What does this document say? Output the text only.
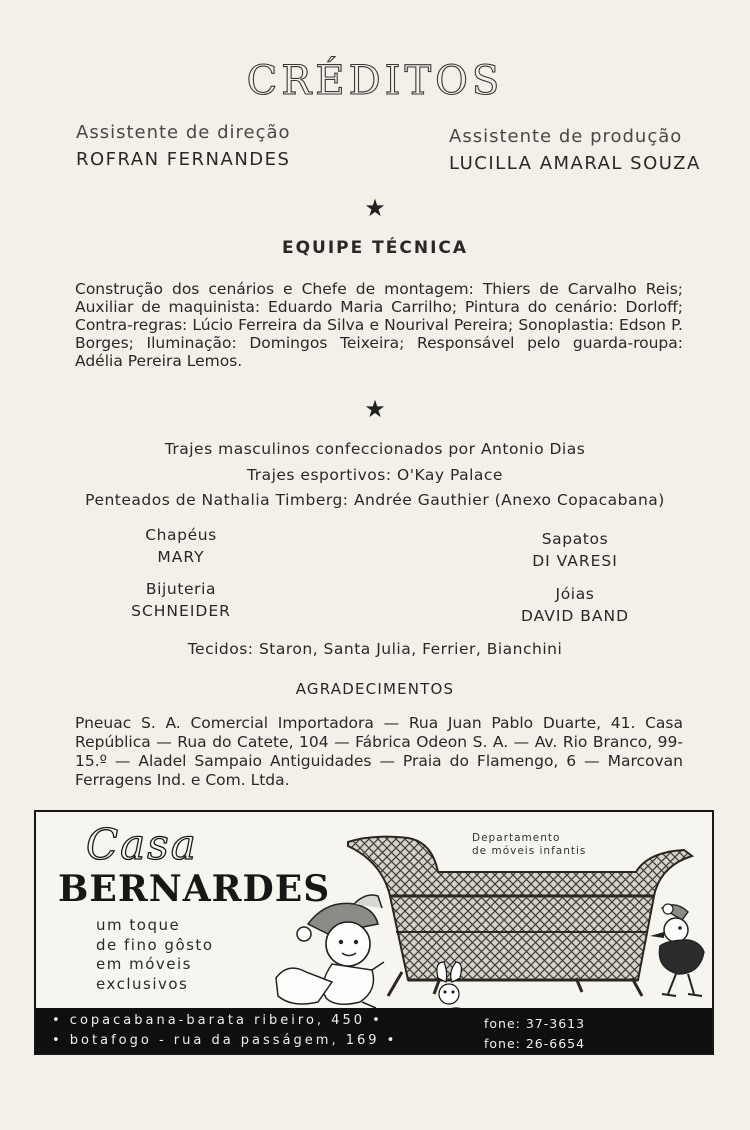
CRÉDITOS
Assistente de direção
ROFRAN FERNANDES
Assistente de produção
LUCILLA AMARAL SOUZA
★
EQUIPE TÉCNICA

Construção dos cenários e Chefe de montagem: Thiers de Carvalho Reis; Auxiliar de maquinista: Eduardo Maria Carrilho; Pintura do cenário: Dorloff; Contra-regras: Lúcio Ferreira da Silva e Nourival Pereira; Sonoplastia: Edson P. Borges; Iluminação: Domingos Teixeira; Responsável pelo guarda-roupa: Adélia Pereira Lemos.

★
Trajes masculinos confeccionados por Antonio Dias
Trajes esportivos: O'Kay Palace
Penteados de Nathalia Timberg: Andrée Gauthier (Anexo Copacabana)
Chapéus
MARY
Sapatos
DI VARESI
Bijuteria
SCHNEIDER
Jóias
DAVID BAND
Tecidos: Staron, Santa Julia, Ferrier, Bianchini
AGRADECIMENTOS

Pneuac S. A. Comercial Importadora — Rua Juan Pablo Duarte, 41. Casa República — Rua do Catete, 104 — Fábrica Odeon S. A. — Av. Rio Branco, 99-15.º — Aladel Sampaio Antiguidades — Praia do Flamengo, 6 — Marcovan Ferragens Ind. e Com. Ltda.

Casa
BERNARDES
um toque
de fino gôsto
em móveis
exclusivos
Departamento
de móveis infantis
• copacabana-barata ribeiro, 450 •	fone: 37-3613
• botafogo - rua da passágem, 169 •	fone: 26-6654
